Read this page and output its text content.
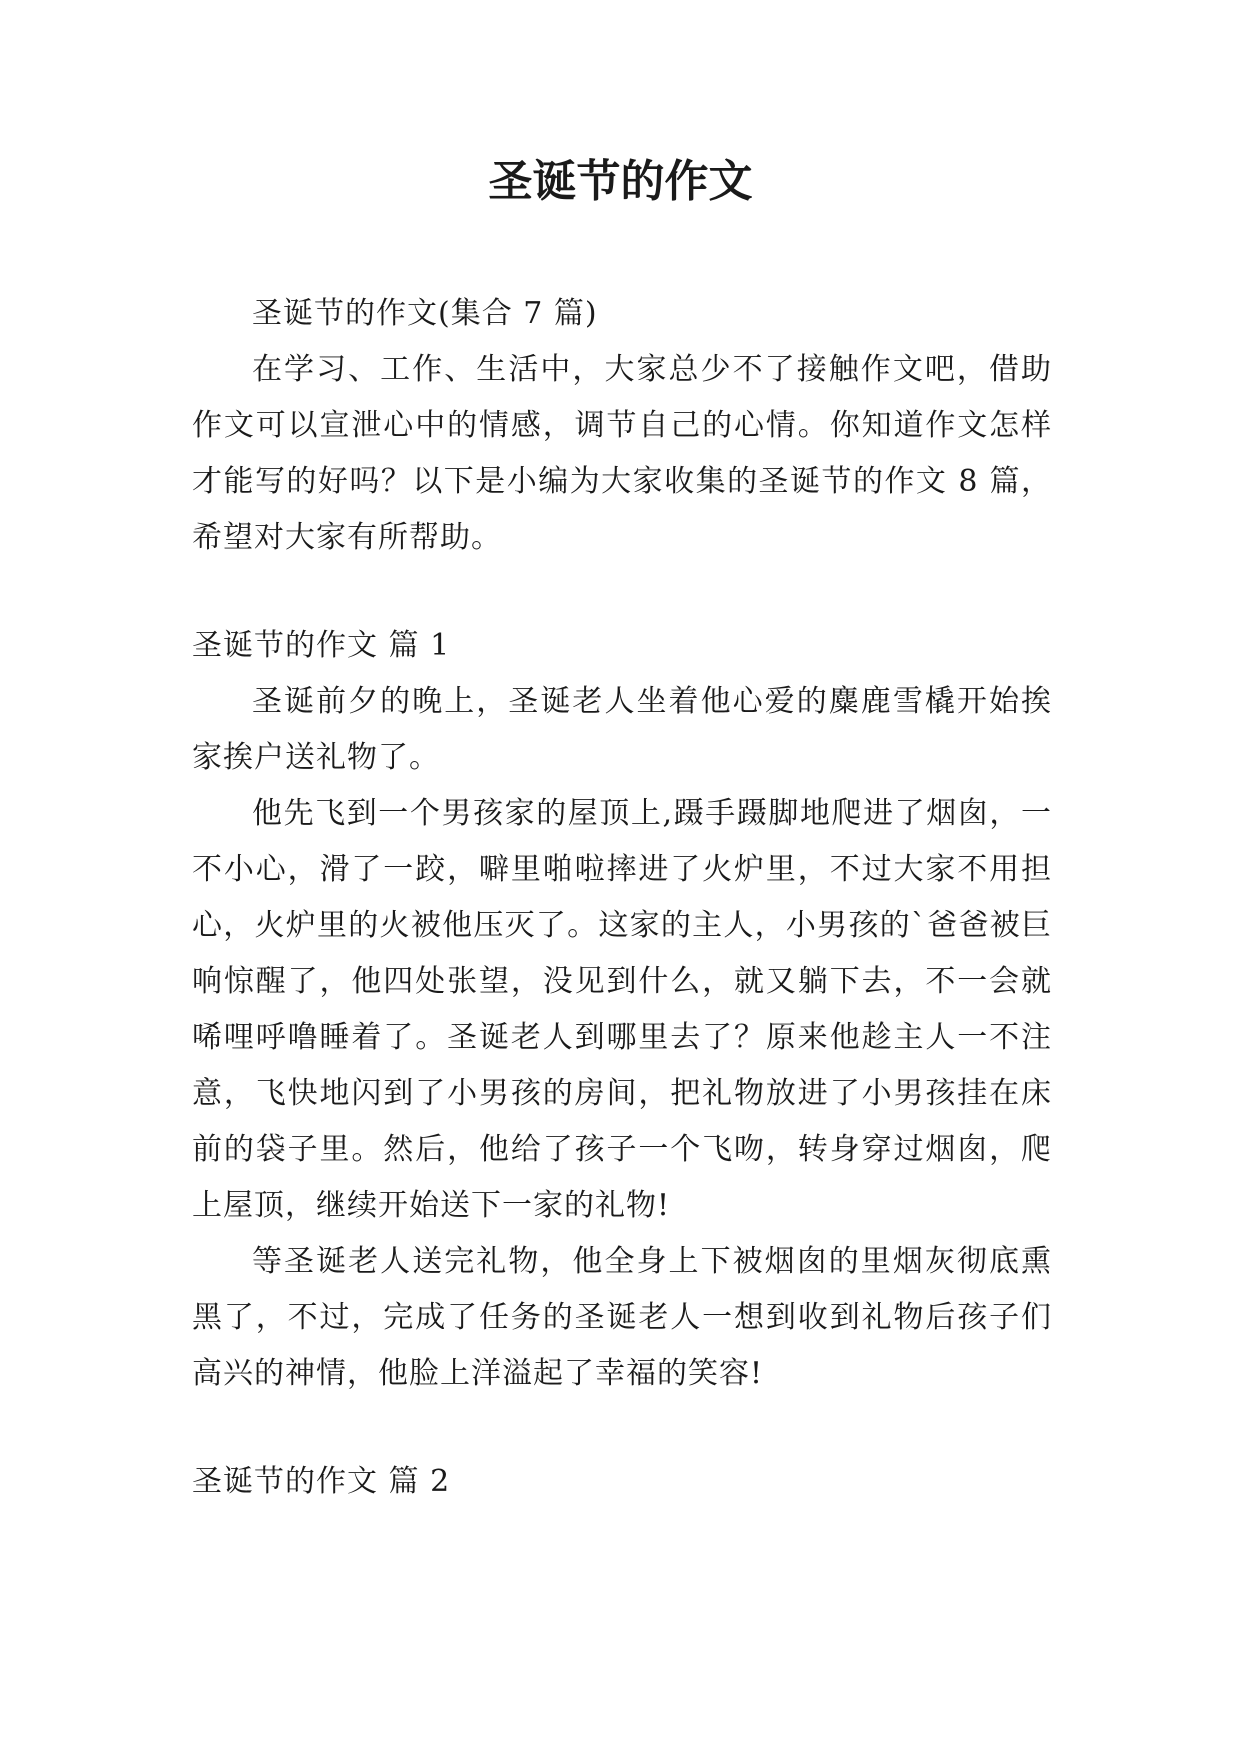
圣诞节的作文

圣诞节的作文(集合 7 篇)

在学习、工作、生活中，大家总少不了接触作文吧，借助作文可以宣泄心中的情感，调节自己的心情。你知道作文怎样才能写的好吗？以下是小编为大家收集的圣诞节的作文 8 篇，希望对大家有所帮助。

圣诞节的作文 篇 1

圣诞前夕的晚上，圣诞老人坐着他心爱的麋鹿雪橇开始挨家挨户送礼物了。

他先飞到一个男孩家的屋顶上,蹑手蹑脚地爬进了烟囱，一不小心，滑了一跤，噼里啪啦摔进了火炉里，不过大家不用担心，火炉里的火被他压灭了。这家的主人，小男孩的`爸爸被巨响惊醒了，他四处张望，没见到什么，就又躺下去，不一会就唏哩呼噜睡着了。圣诞老人到哪里去了？原来他趁主人一不注意，飞快地闪到了小男孩的房间，把礼物放进了小男孩挂在床前的袋子里。然后，他给了孩子一个飞吻，转身穿过烟囱，爬上屋顶，继续开始送下一家的礼物!

等圣诞老人送完礼物，他全身上下被烟囱的里烟灰彻底熏黑了，不过，完成了任务的圣诞老人一想到收到礼物后孩子们高兴的神情，他脸上洋溢起了幸福的笑容!

圣诞节的作文 篇 2
